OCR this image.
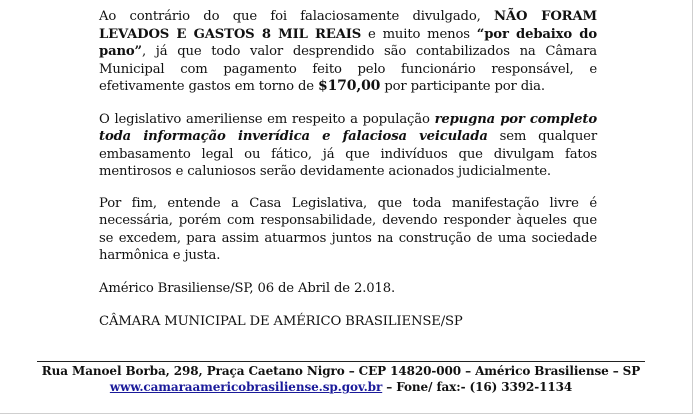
Ao contrário do que foi falaciosamente divulgado, NÃO FORAM LEVADOS E GASTOS 8 MIL REAIS e muito menos “por debaixo do pano”, já que todo valor desprendido são contabilizados na Câmara Municipal com pagamento feito pelo funcionário responsável, e efetivamente gastos em torno de $170,00 por participante por dia.

O legislativo ameriliense em respeito a população repugna por completo toda informação inverídica e falaciosa veiculada sem qualquer embasamento legal ou fático, já que indivíduos que divulgam fatos mentirosos e caluniosos serão devidamente acionados judicialmente.

Por fim, entende a Casa Legislativa, que toda manifestação livre é necessária, porém com responsabilidade, devendo responder àqueles que se excedem, para assim atuarmos juntos na construção de uma sociedade harmônica e justa.

Américo Brasiliense/SP, 06 de Abril de 2.018.

CÂMARA MUNICIPAL DE AMÉRICO BRASILIENSE/SP

Rua Manoel Borba, 298, Praça Caetano Nigro – CEP 14820-000 – Américo Brasiliense – SP
www.camaraamericobrasiliense.sp.gov.br – Fone/ fax:- (16) 3392-1134
